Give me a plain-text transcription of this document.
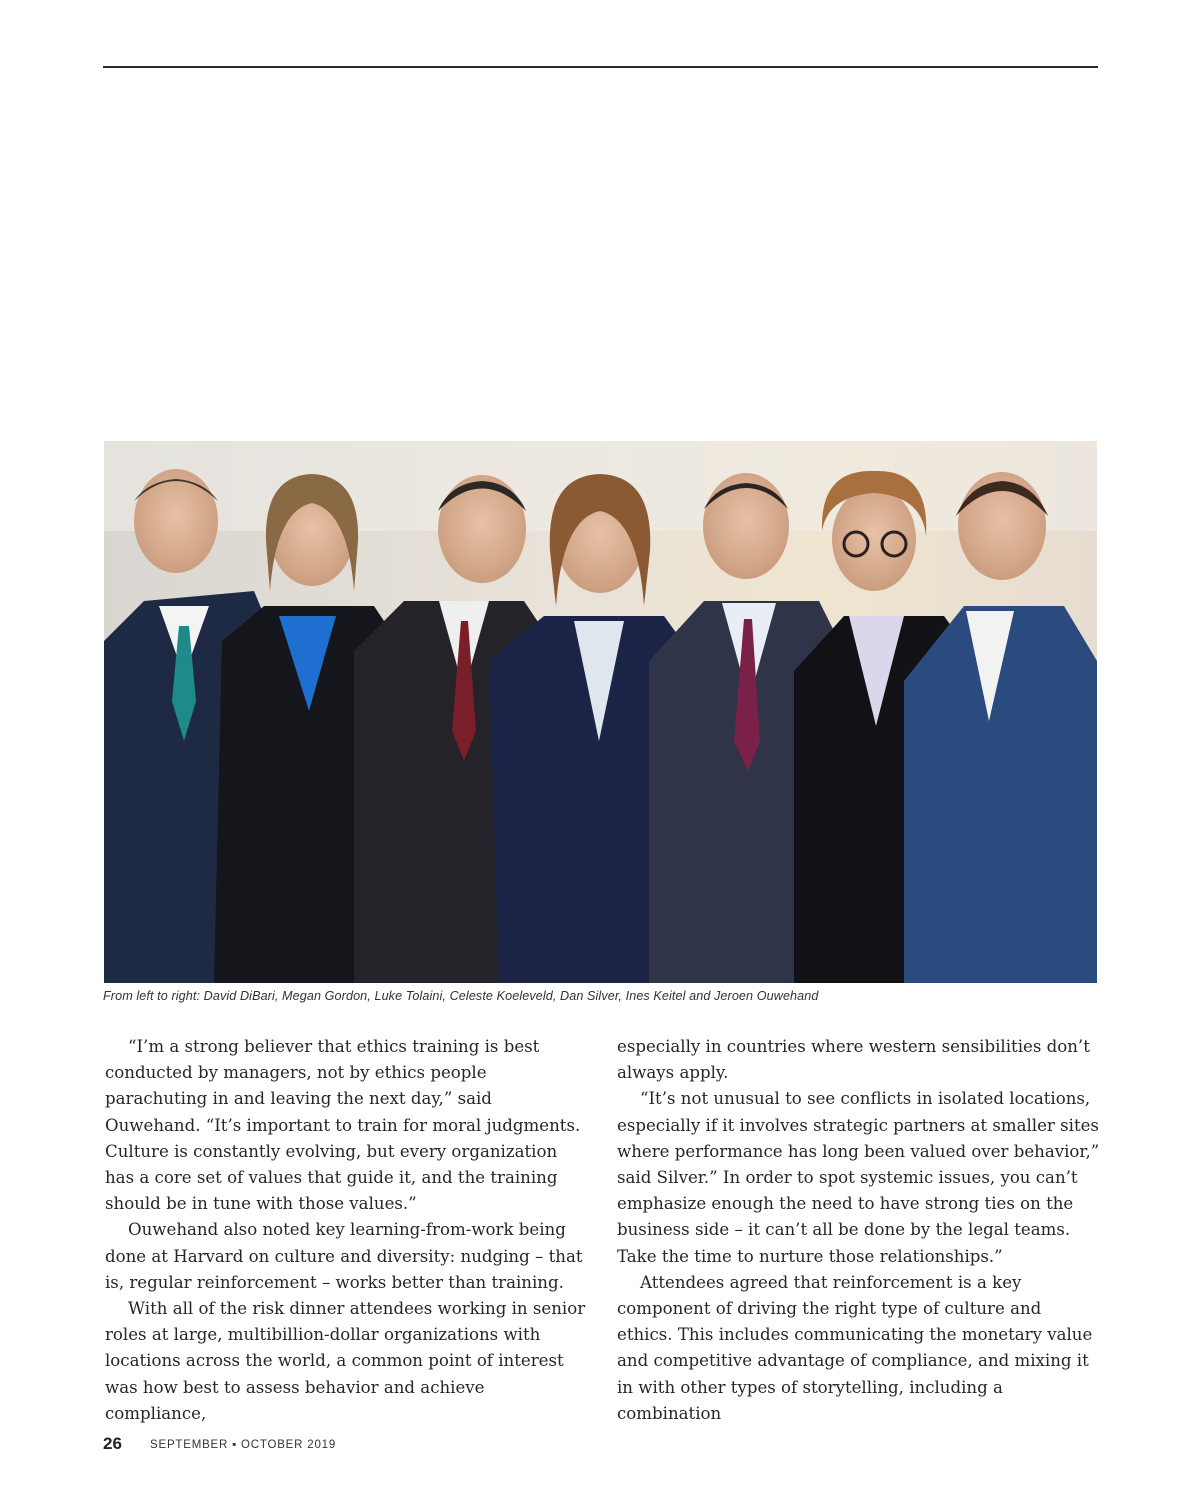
From left to right: David DiBari, Megan Gordon, Luke Tolaini, Celeste Koeleveld, Dan Silver, Ines Keitel and Jeroen Ouwehand

“I’m a strong believer that ethics training is best conducted by managers, not by ethics people parachuting in and leaving the next day,” said Ouwehand. “It’s important to train for moral judgments. Culture is constantly evolving, but every organization has a core set of values that guide it, and the training should be in tune with those values.”

Ouwehand also noted key learning-from-work being done at Harvard on culture and diversity: nudging – that is, regular reinforcement – works better than training.

With all of the risk dinner attendees working in senior roles at large, multibillion-dollar organizations with locations across the world, a common point of interest was how best to assess behavior and achieve compliance,

especially in countries where western sensibilities don’t always apply.

“It’s not unusual to see conflicts in isolated locations, especially if it involves strategic partners at smaller sites where performance has long been valued over behavior,” said Silver.” In order to spot systemic issues, you can’t emphasize enough the need to have strong ties on the business side – it can’t all be done by the legal teams. Take the time to nurture those relationships.”

Attendees agreed that reinforcement is a key component of driving the right type of culture and ethics. This includes communicating the monetary value and competitive advantage of compliance, and mixing it in with other types of storytelling, including a combination

26 SEPTEMBER ▪ OCTOBER 2019
